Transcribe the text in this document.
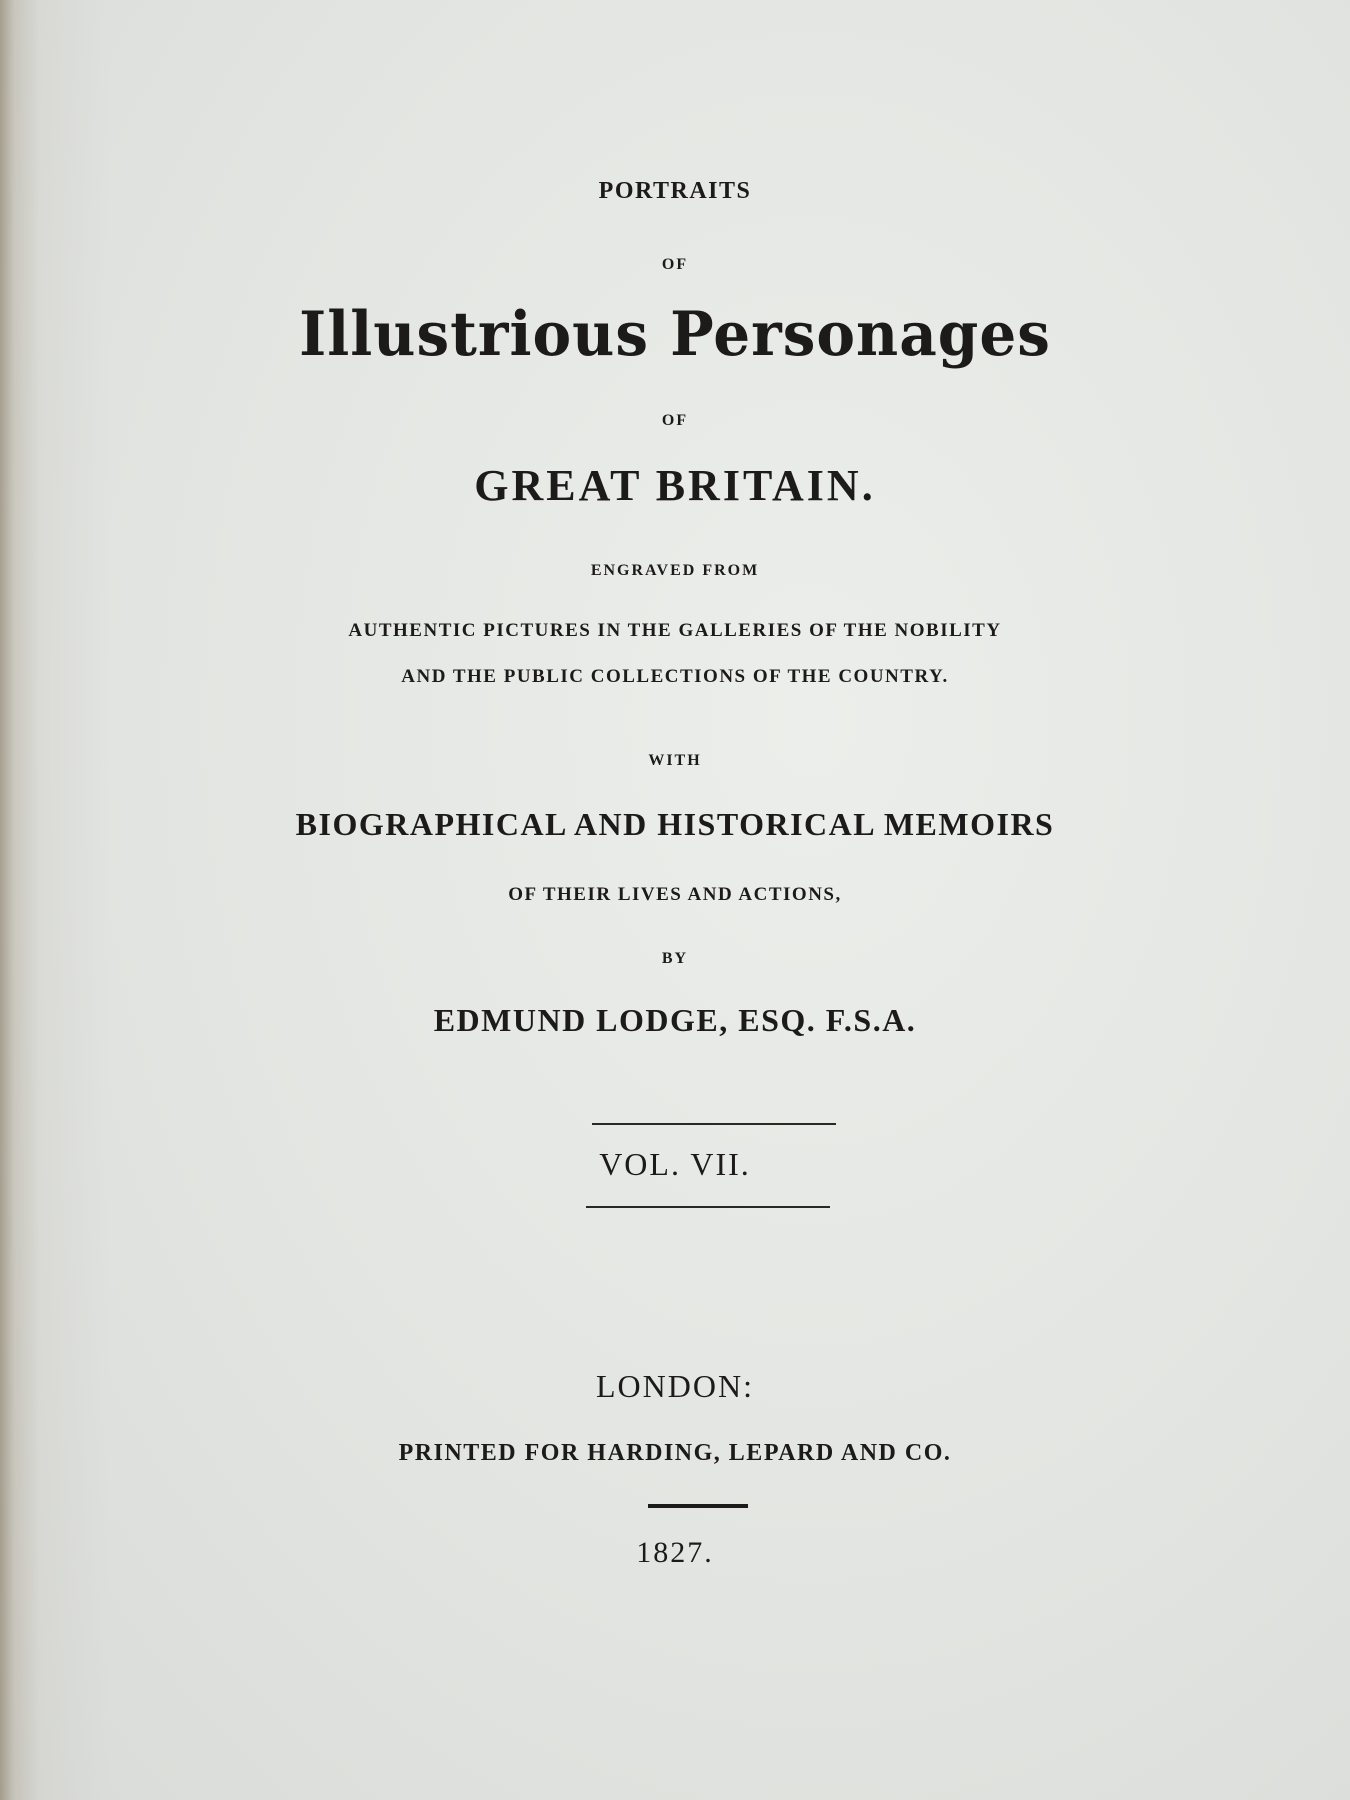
PORTRAITS
OF
Illustrious Personages
OF
GREAT BRITAIN.
ENGRAVED FROM
AUTHENTIC PICTURES IN THE GALLERIES OF THE NOBILITY
AND THE PUBLIC COLLECTIONS OF THE COUNTRY.
WITH
BIOGRAPHICAL AND HISTORICAL MEMOIRS
OF THEIR LIVES AND ACTIONS,
BY
EDMUND LODGE, ESQ. F.S.A.
VOL. VII.
LONDON:
PRINTED FOR HARDING, LEPARD AND CO.
1827.
